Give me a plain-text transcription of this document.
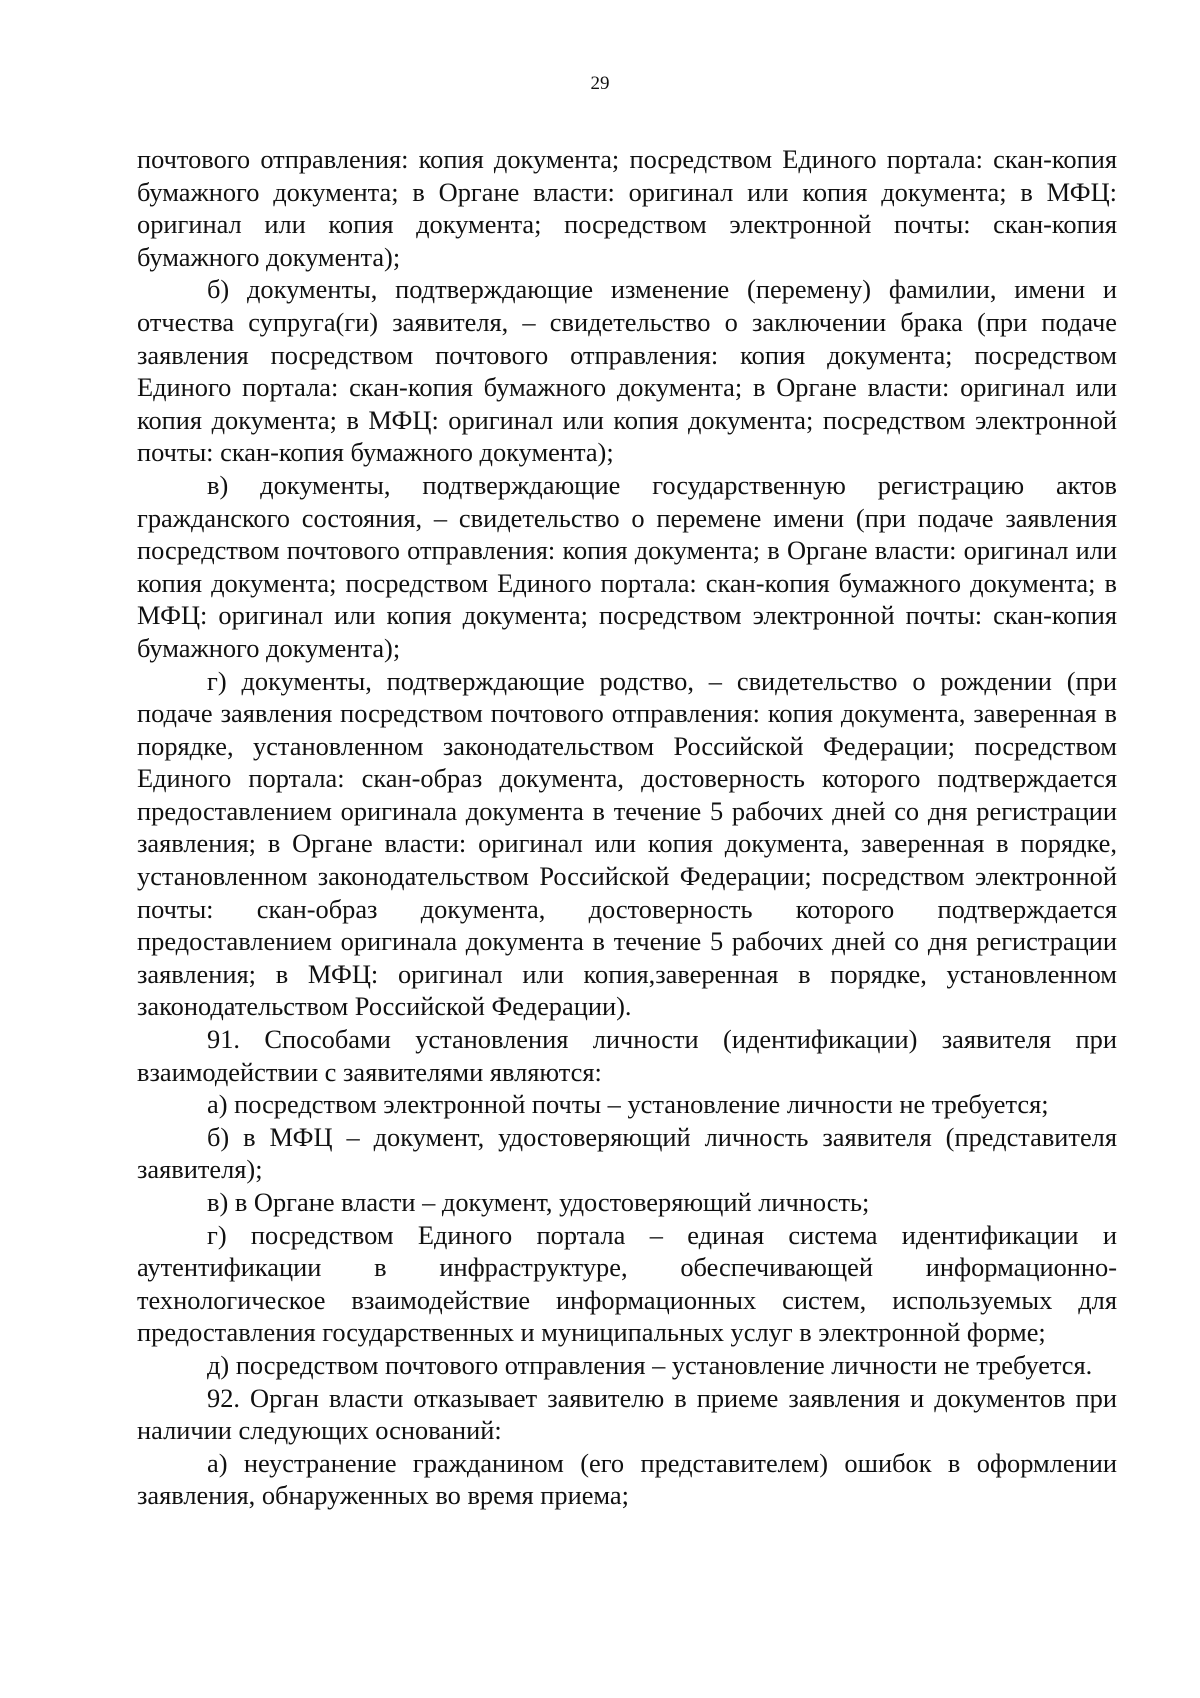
29

почтового отправления: копия документа; посредством Единого портала: скан-копия бумажного документа; в Органе власти: оригинал или копия документа; в МФЦ: оригинал или копия документа; посредством электронной почты: скан-копия бумажного документа);

б) документы, подтверждающие изменение (перемену) фамилии, имени и отчества супруга(ги) заявителя, – свидетельство о заключении брака (при подаче заявления посредством почтового отправления: копия документа; посредством Единого портала: скан-копия бумажного документа; в Органе власти: оригинал или копия документа; в МФЦ: оригинал или копия документа; посредством электронной почты: скан-копия бумажного документа);

в) документы, подтверждающие государственную регистрацию актов гражданского состояния, – свидетельство о перемене имени (при подаче заявления посредством почтового отправления: копия документа; в Органе власти: оригинал или копия документа; посредством Единого портала: скан-копия бумажного документа; в МФЦ: оригинал или копия документа; посредством электронной почты: скан-копия бумажного документа);

г) документы, подтверждающие родство, – свидетельство о рождении (при подаче заявления посредством почтового отправления: копия документа, заверенная в порядке, установленном законодательством Российской Федерации; посредством Единого портала: скан-образ документа, достоверность которого подтверждается предоставлением оригинала документа в течение 5 рабочих дней со дня регистрации заявления; в Органе власти: оригинал или копия документа, заверенная в порядке, установленном законодательством Российской Федерации; посредством электронной почты: скан-образ документа, достоверность которого подтверждается предоставлением оригинала документа в течение 5 рабочих дней со дня регистрации заявления; в МФЦ: оригинал или копия,заверенная в порядке, установленном законодательством Российской Федерации).

91. Способами установления личности (идентификации) заявителя при взаимодействии с заявителями являются:

а) посредством электронной почты – установление личности не требуется;

б) в МФЦ – документ, удостоверяющий личность заявителя (представителя заявителя);

в) в Органе власти – документ, удостоверяющий личность;

г) посредством Единого портала – единая система идентификации и аутентификации в инфраструктуре, обеспечивающей информационно-технологическое взаимодействие информационных систем, используемых для предоставления государственных и муниципальных услуг в электронной форме;

д) посредством почтового отправления – установление личности не требуется.

92. Орган власти отказывает заявителю в приеме заявления и документов при наличии следующих оснований:

а) неустранение гражданином (его представителем) ошибок в оформлении заявления, обнаруженных во время приема;
